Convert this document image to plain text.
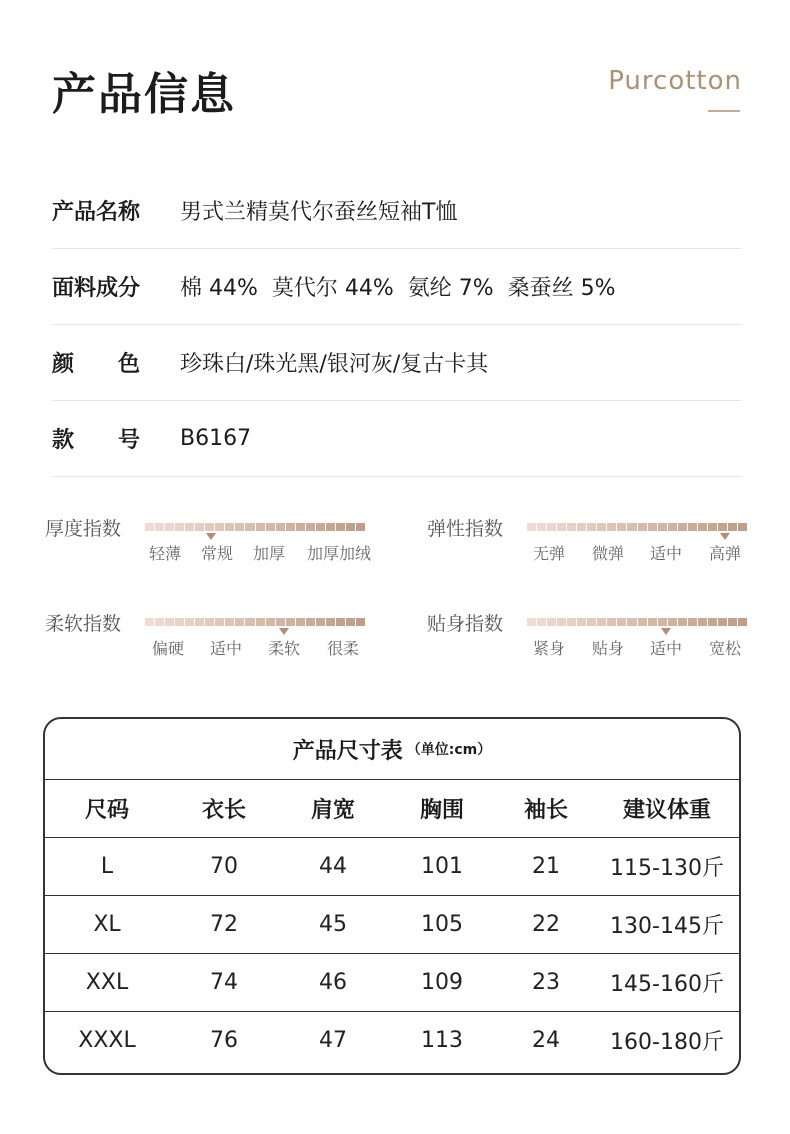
产品信息	Purcotton
产品名称	男式兰精莫代尔蚕丝短袖T恤
面料成分	棉 44%  莫代尔 44%  氨纶 7%  桑蚕丝 5%
颜　　色	珍珠白/珠光黑/银河灰/复古卡其
款　　号	B6167
厚度指数
轻薄 常规 加厚 加厚加绒
弹性指数
无弹 微弹 适中 高弹
柔软指数
偏硬 适中 柔软 很柔
贴身指数
紧身 贴身 适中 宽松
产品尺寸表 （单位:cm）
尺码	衣长	肩宽	胸围	袖长	建议体重
L	70	44	101	21	115-130斤
XL	72	45	105	22	130-145斤
XXL	74	46	109	23	145-160斤
XXXL	76	47	113	24	160-180斤
